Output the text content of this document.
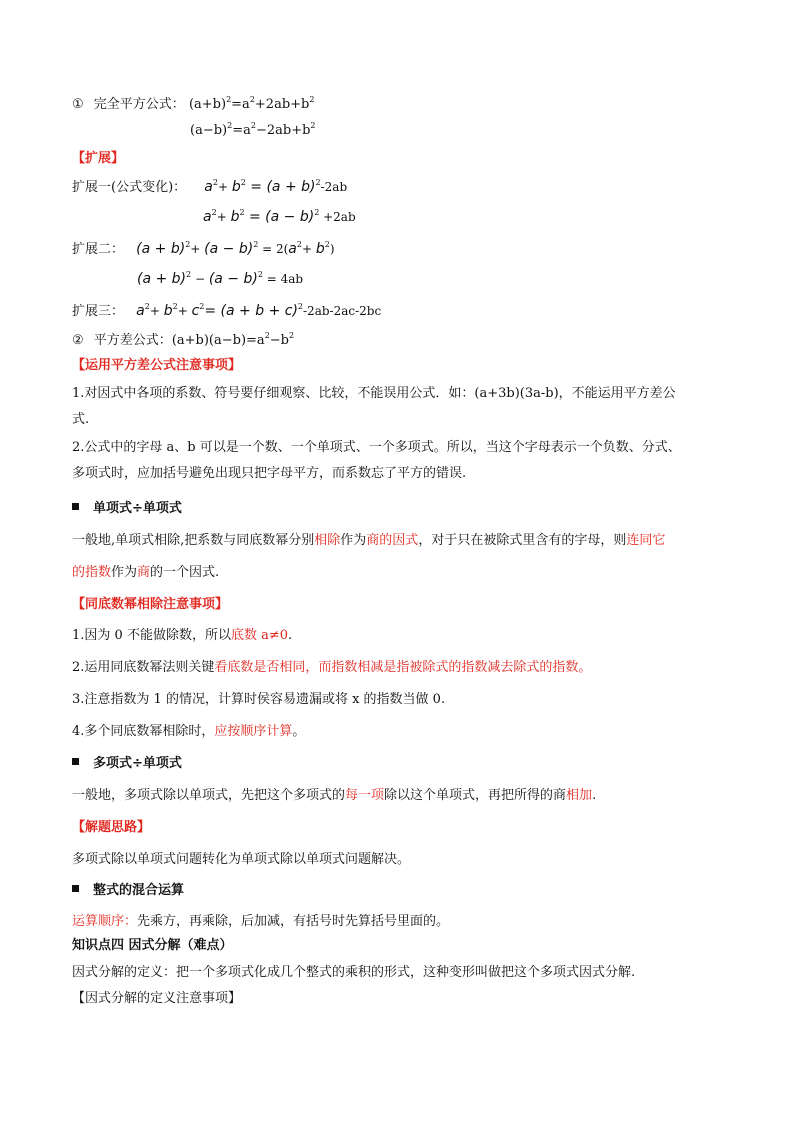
① 完全平方公式： $(a+b)^2=a^2+2ab+b^2$
$(a-b)^2=a^2-2ab+b^2$
【扩展】
扩展一(公式变化)： $a^2+ b^2 = (a + b)^2-2ab$
$a^2+ b^2 = (a - b)^2 +2ab$
扩展二： $(a + b)^2+ (a - b)^2 = 2(a^2+ b^2)$
$(a + b)^2 - (a - b)^2 = 4ab$
扩展三： $a^2+ b^2+ c^2= (a + b + c)^2-2ab-2ac-2bc$
② 平方差公式：$(a+b)(a-b)=a^2-b^2$
【运用平方差公式注意事项】
1.对因式中各项的系数、符号要仔细观察、比较，不能误用公式．如：(a+3b)(3a-b)，不能运用平方差公
式.
2.公式中的字母 a、b 可以是一个数、一个单项式、一个多项式。所以，当这个字母表示一个负数、分式、
多项式时，应加括号避免出现只把字母平方，而系数忘了平方的错误.
单项式÷单项式
一般地,单项式相除,把系数与同底数幂分别相除作为商的因式，对于只在被除式里含有的字母，则连同它
的指数作为商的一个因式.
【同底数幂相除注意事项】
1.因为 0 不能做除数，所以底数 a≠0.
2.运用同底数幂法则关键看底数是否相同，而指数相减是指被除式的指数减去除式的指数。
3.注意指数为 1 的情况，计算时侯容易遗漏或将 x 的指数当做 0.
4.多个同底数幂相除时，应按顺序计算。
多项式÷单项式
一般地，多项式除以单项式，先把这个多项式的每一项除以这个单项式，再把所得的商相加.
【解题思路】
多项式除以单项式问题转化为单项式除以单项式问题解决。
整式的混合运算
运算顺序：先乘方，再乘除，后加减，有括号时先算括号里面的。
知识点四 因式分解（难点）
因式分解的定义：把一个多项式化成几个整式的乘积的形式，这种变形叫做把这个多项式因式分解.
【因式分解的定义注意事项】
